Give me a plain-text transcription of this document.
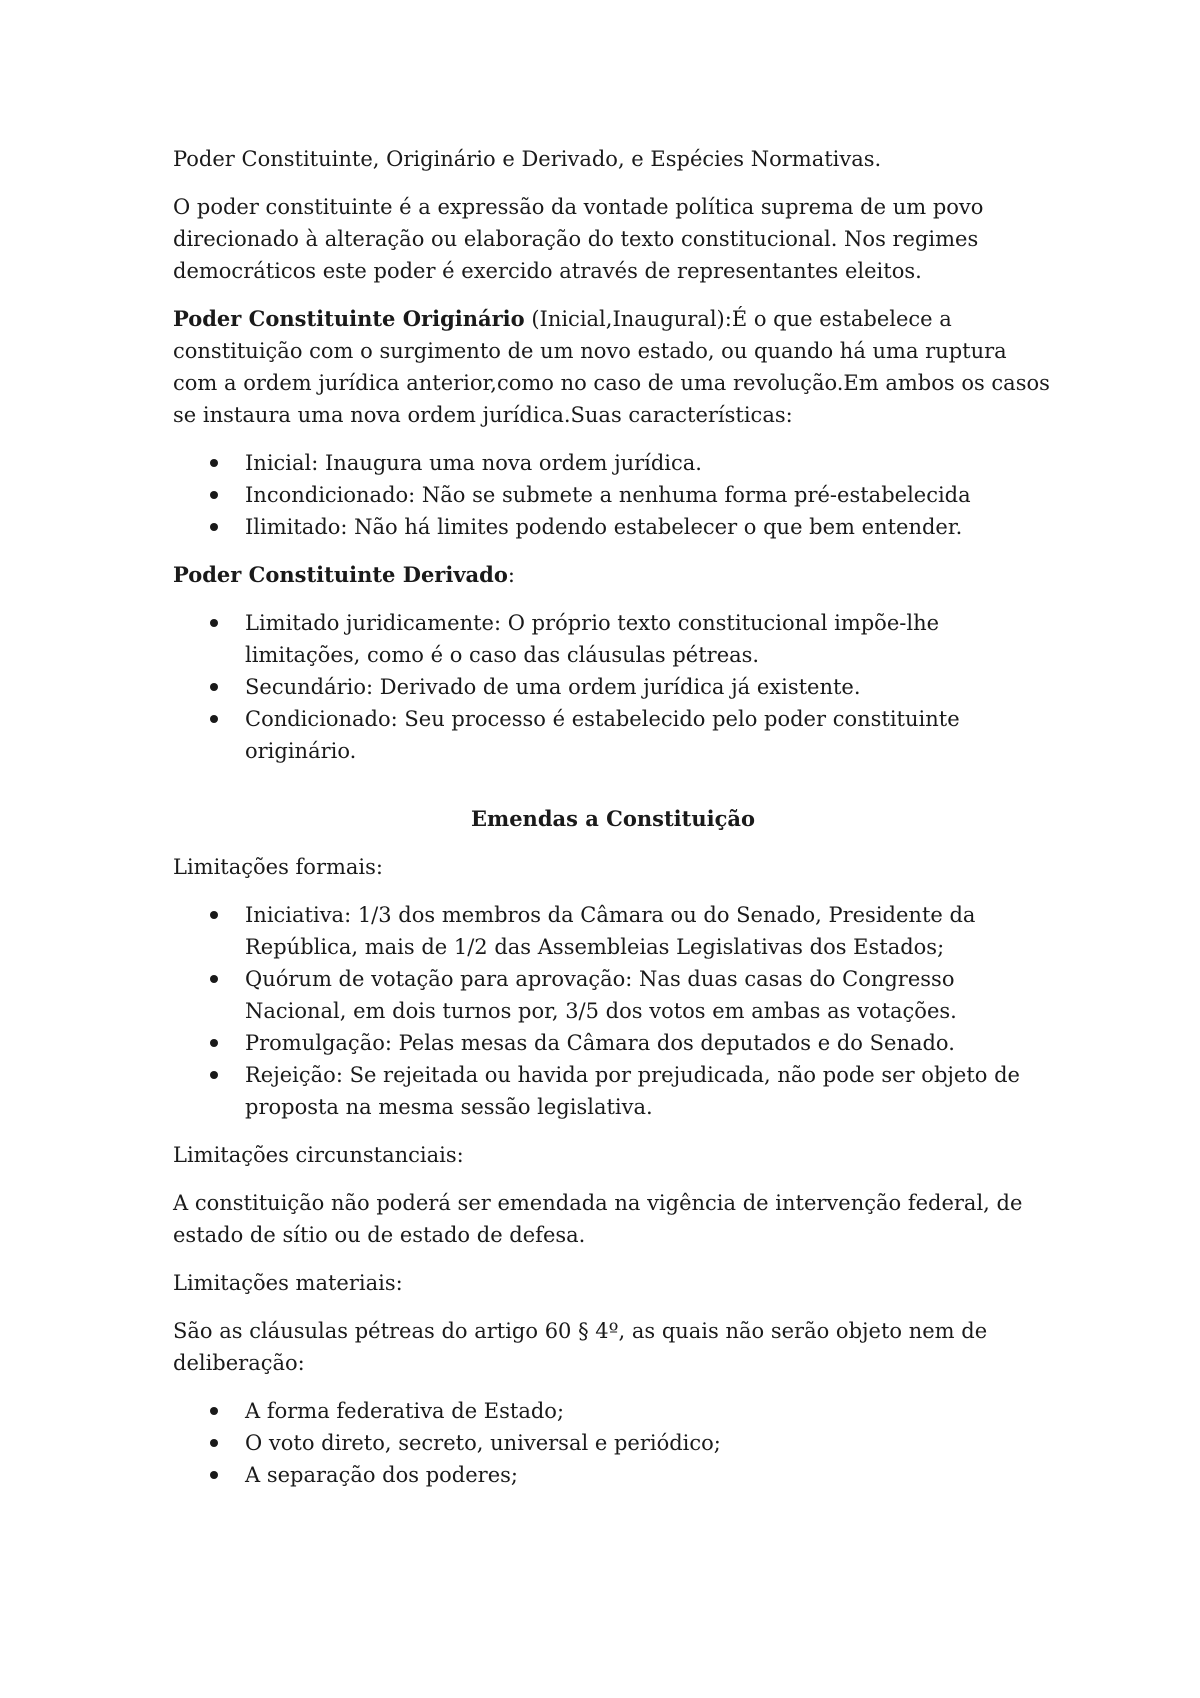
Poder Constituinte, Originário e Derivado, e Espécies Normativas.

O poder constituinte é a expressão da vontade política suprema de um povo direcionado à alteração ou elaboração do texto constitucional. Nos regimes democráticos este poder é exercido através de representantes eleitos.

Poder Constituinte Originário (Inicial,Inaugural):É o que estabelece a constituição com o surgimento de um novo estado, ou quando há uma ruptura com a ordem jurídica anterior,como no caso de uma revolução.Em ambos os casos se instaura uma nova ordem jurídica.Suas características:

Inicial: Inaugura uma nova ordem jurídica.
Incondicionado: Não se submete a nenhuma forma pré-estabelecida
Ilimitado: Não há limites podendo estabelecer o que bem entender.

Poder Constituinte Derivado:

Limitado juridicamente: O próprio texto constitucional impõe-lhe limitações, como é o caso das cláusulas pétreas.
Secundário: Derivado de uma ordem jurídica já existente.
Condicionado: Seu processo é estabelecido pelo poder constituinte originário.

Emendas a Constituição

Limitações formais:

Iniciativa: 1/3 dos membros da Câmara ou do Senado, Presidente da República, mais de 1/2 das Assembleias Legislativas dos Estados;
Quórum de votação para aprovação: Nas duas casas do Congresso Nacional, em dois turnos por, 3/5 dos votos em ambas as votações.
Promulgação: Pelas mesas da Câmara dos deputados e do Senado.
Rejeição: Se rejeitada ou havida por prejudicada, não pode ser objeto de proposta na mesma sessão legislativa.

Limitações circunstanciais:

A constituição não poderá ser emendada na vigência de intervenção federal, de estado de sítio ou de estado de defesa.

Limitações materiais:

São as cláusulas pétreas do artigo 60 § 4º, as quais não serão objeto nem de deliberação:

A forma federativa de Estado;
O voto direto, secreto, universal e periódico;
A separação dos poderes;
